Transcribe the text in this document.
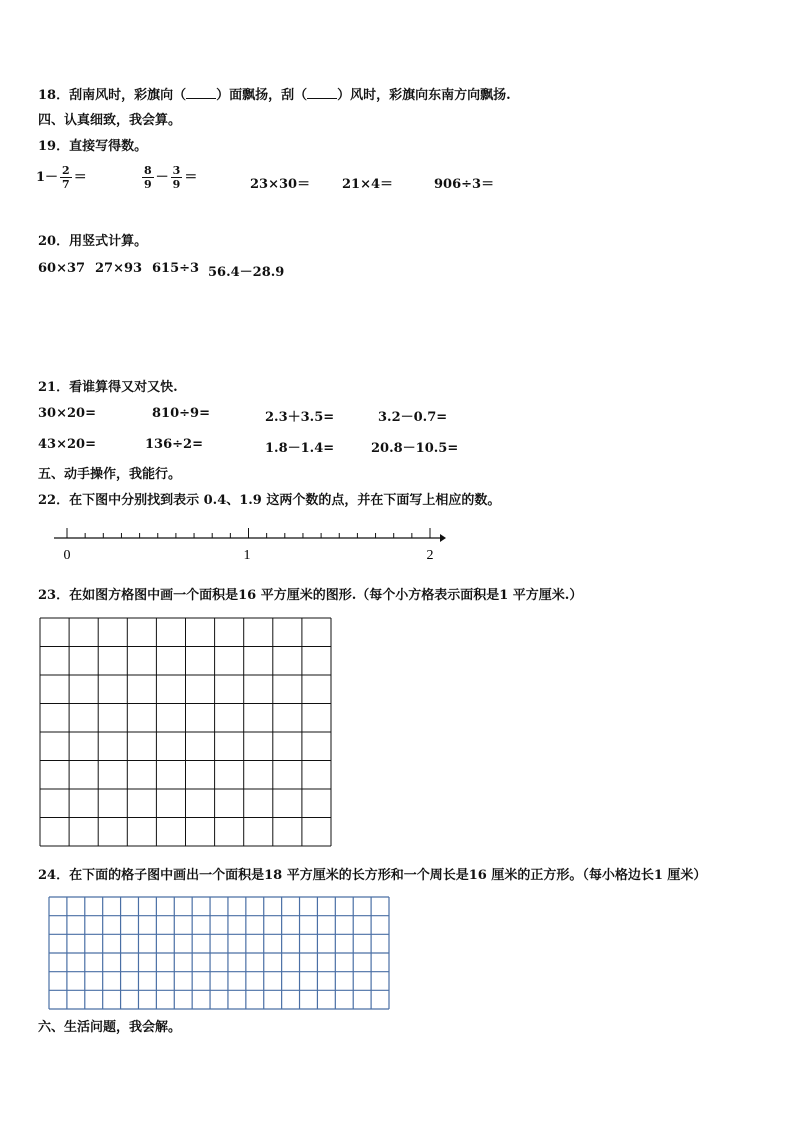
18．刮南风时，彩旗向（ ）面飘扬，刮（ ）风时，彩旗向东南方向飘扬.
四、认真细致，我会算。
19．直接写得数。
$1- \frac{2}{7}$ ＝	$\frac{8}{9} - \frac{3}{9}$ ＝	23×30＝ 21×4＝	906÷3＝
20．用竖式计算。
60×37 27×93 615÷3 56.4－28.9
21．看谁算得又对又快.
30×20=	810÷9=	2.3＋3.5=	3.2－0.7=
43×20=	136÷2=	1.8－1.4=	20.8－10.5=
五、动手操作，我能行。
22．在下图中分别找到表示 0.4、1.9 这两个数的点，并在下面写上相应的数。
0	1	2
23．在如图方格图中画一个面积是16 平方厘米的图形.（每个小方格表示面积是1 平方厘米.）
24．在下面的格子图中画出一个面积是18 平方厘米的长方形和一个周长是16 厘米的正方形。（每小格边长1 厘米）
六、生活问题，我会解。
